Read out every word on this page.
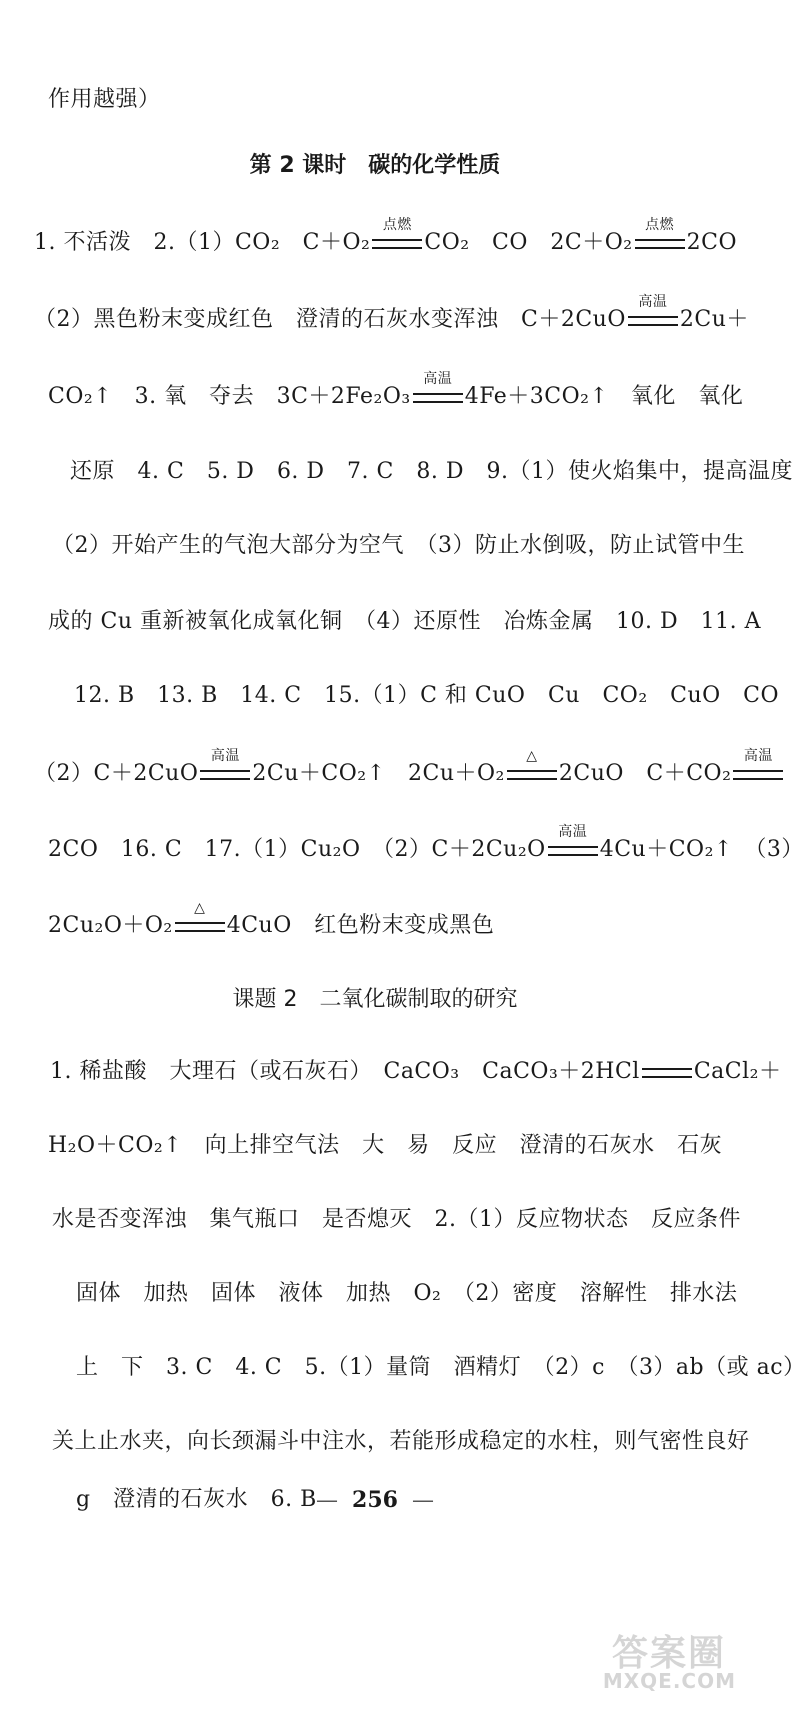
作用越强）
第 2 课时　碳的化学性质
1. 不活泼　2.（1）CO₂　C＋O₂
点燃
CO₂　CO　2C＋O₂
点燃
2CO
（2）黑色粉末变成红色　澄清的石灰水变浑浊　C＋2CuO
高温
2Cu＋
CO₂↑　3. 氧　夺去　3C＋2Fe₂O₃
高温
4Fe＋3CO₂↑　氧化　氧化
还原　4. C　5. D　6. D　7. C　8. D　9.（1）使火焰集中，提高温度
（2）开始产生的气泡大部分为空气　（3）防止水倒吸，防止试管中生
成的 Cu 重新被氧化成氧化铜　（4）还原性　冶炼金属　10. D　11. A
12. B　13. B　14. C　15.（1）C 和 CuO　Cu　CO₂　CuO　CO
（2）C＋2CuO
高温
2Cu＋CO₂↑　2Cu＋O₂
△
2CuO　C＋CO₂
高温
2CO　16. C　17.（1）Cu₂O　（2）C＋2Cu₂O
高温
4Cu＋CO₂↑　（3）
2Cu₂O＋O₂
△
4CuO　红色粉末变成黑色
课题 2　二氧化碳制取的研究
1. 稀盐酸　大理石（或石灰石）　CaCO₃　CaCO₃＋2HCl CaCl₂＋
H₂O＋CO₂↑　向上排空气法　大　易　反应　澄清的石灰水　石灰
水是否变浑浊　集气瓶口　是否熄灭　2.（1）反应物状态　反应条件
固体　加热　固体　液体　加热　O₂　（2）密度　溶解性　排水法
上　下　3. C　4. C　5.（1）量筒　酒精灯　（2）c　（3）ab（或 ac）
关上止水夹，向长颈漏斗中注水，若能形成稳定的水柱，则气密性良好
g　澄清的石灰水　6. B — 256 —
答案圈
MXQE.COM
